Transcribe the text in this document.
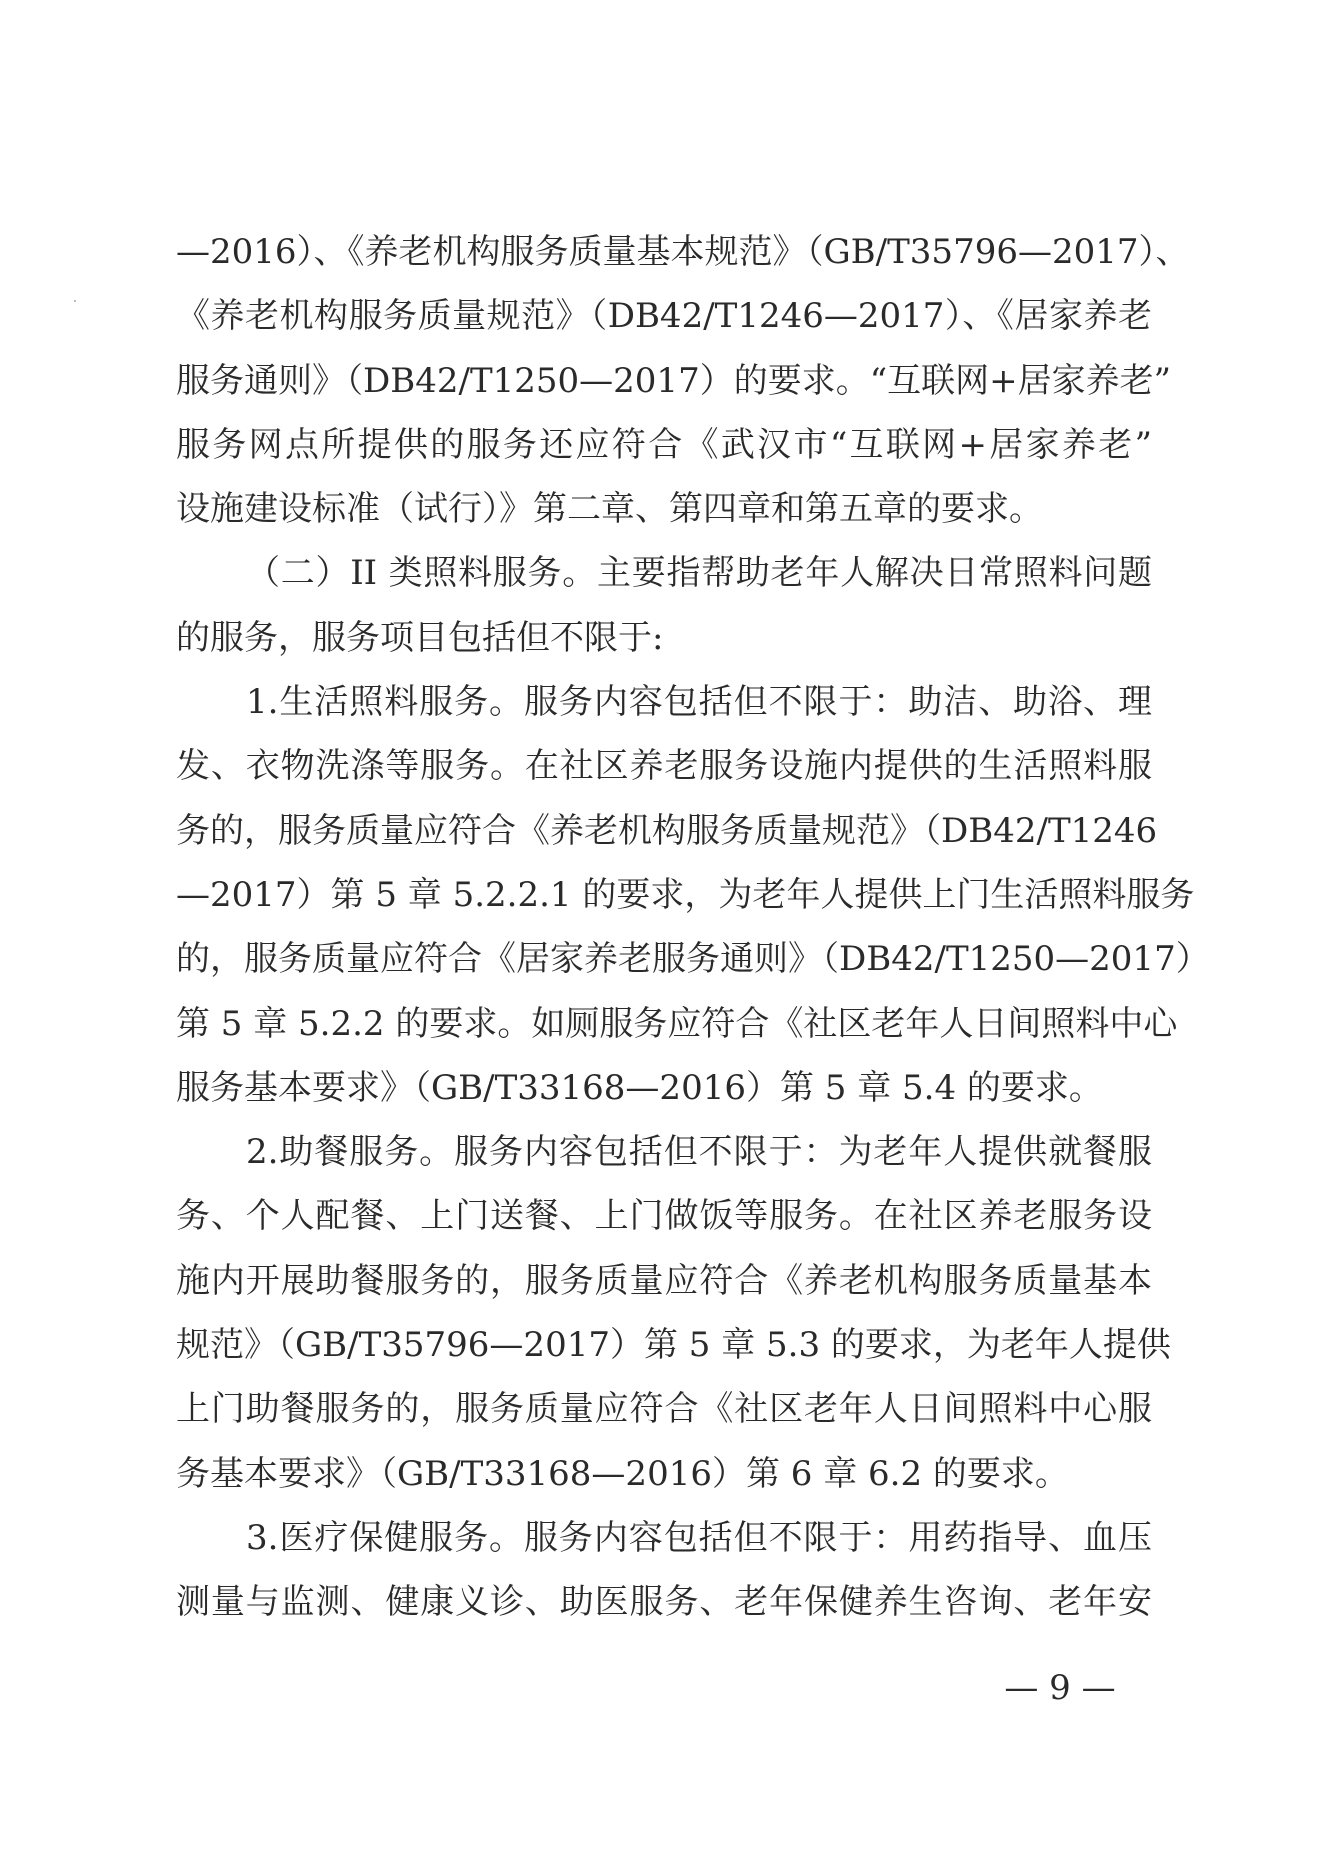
—2016）、《养老机构服务质量基本规范》（GB/T35796—2017）、
《养老机构服务质量规范》（DB42/T1246—2017）、《居家养老
服务通则》（DB42/T1250—2017）的要求。“互联网+居家养老”
服务网点所提供的服务还应符合《武汉市“互联网+居家养老”
设施建设标准（试行）》第二章、第四章和第五章的要求。
（二）II 类照料服务。主要指帮助老年人解决日常照料问题
的服务，服务项目包括但不限于:
1.生活照料服务。服务内容包括但不限于：助洁、助浴、理
发、衣物洗涤等服务。在社区养老服务设施内提供的生活照料服
务的，服务质量应符合《养老机构服务质量规范》（DB42/T1246
—2017）第 5 章 5.2.2.1 的要求，为老年人提供上门生活照料服务
的，服务质量应符合《居家养老服务通则》（DB42/T1250—2017）
第 5 章 5.2.2 的要求。如厕服务应符合《社区老年人日间照料中心
服务基本要求》（GB/T33168—2016）第 5 章 5.4 的要求。
2.助餐服务。服务内容包括但不限于：为老年人提供就餐服
务、个人配餐、上门送餐、上门做饭等服务。在社区养老服务设
施内开展助餐服务的，服务质量应符合《养老机构服务质量基本
规范》（GB/T35796—2017）第 5 章 5.3 的要求，为老年人提供
上门助餐服务的，服务质量应符合《社区老年人日间照料中心服
务基本要求》（GB/T33168—2016）第 6 章 6.2 的要求。
3.医疗保健服务。服务内容包括但不限于：用药指导、血压
测量与监测、健康义诊、助医服务、老年保健养生咨询、老年安
— 9 —
